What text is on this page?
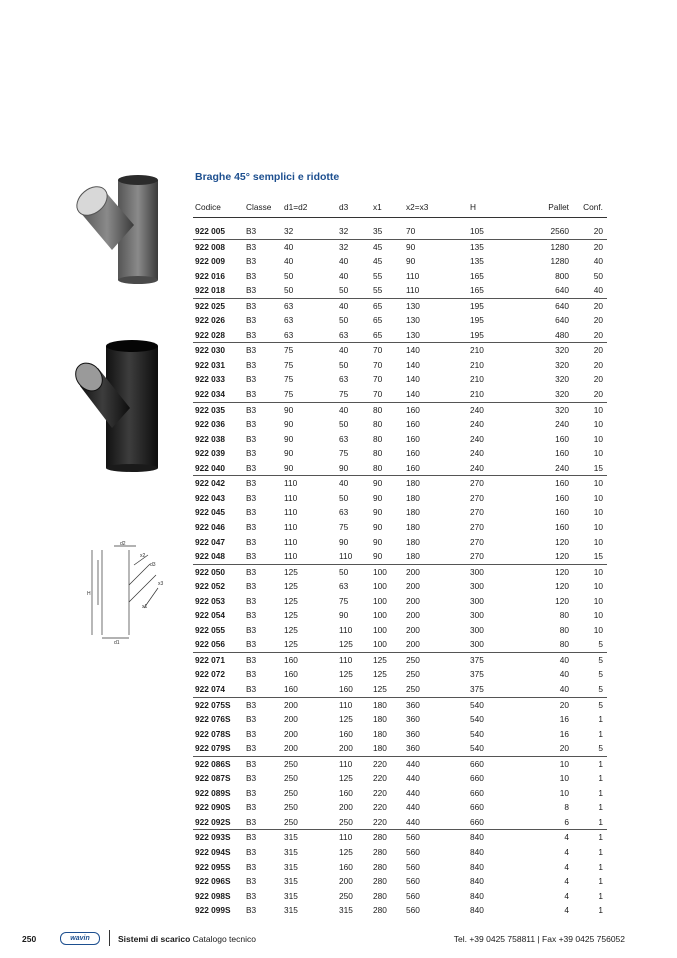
Braghe 45° semplici e ridotte
d2
x2
d3
x3
x1
d1
H
Codice	Classe	d1=d2	d3	x1	x2=x3	H	Pallet	Conf.

922 005	B3	32	32	35	70	105	2560	20
922 008	B3	40	32	45	90	135	1280	20
922 009	B3	40	40	45	90	135	1280	40
922 016	B3	50	40	55	110	165	800	50
922 018	B3	50	50	55	110	165	640	40
922 025	B3	63	40	65	130	195	640	20
922 026	B3	63	50	65	130	195	640	20
922 028	B3	63	63	65	130	195	480	20
922 030	B3	75	40	70	140	210	320	20
922 031	B3	75	50	70	140	210	320	20
922 033	B3	75	63	70	140	210	320	20
922 034	B3	75	75	70	140	210	320	20
922 035	B3	90	40	80	160	240	320	10
922 036	B3	90	50	80	160	240	240	10
922 038	B3	90	63	80	160	240	160	10
922 039	B3	90	75	80	160	240	160	10
922 040	B3	90	90	80	160	240	240	15
922 042	B3	110	40	90	180	270	160	10
922 043	B3	110	50	90	180	270	160	10
922 045	B3	110	63	90	180	270	160	10
922 046	B3	110	75	90	180	270	160	10
922 047	B3	110	90	90	180	270	120	10
922 048	B3	110	110	90	180	270	120	15
922 050	B3	125	50	100	200	300	120	10
922 052	B3	125	63	100	200	300	120	10
922 053	B3	125	75	100	200	300	120	10
922 054	B3	125	90	100	200	300	80	10
922 055	B3	125	110	100	200	300	80	10
922 056	B3	125	125	100	200	300	80	5
922 071	B3	160	110	125	250	375	40	5
922 072	B3	160	125	125	250	375	40	5
922 074	B3	160	160	125	250	375	40	5
922 075S	B3	200	110	180	360	540	20	5
922 076S	B3	200	125	180	360	540	16	1
922 078S	B3	200	160	180	360	540	16	1
922 079S	B3	200	200	180	360	540	20	5
922 086S	B3	250	110	220	440	660	10	1
922 087S	B3	250	125	220	440	660	10	1
922 089S	B3	250	160	220	440	660	10	1
922 090S	B3	250	200	220	440	660	8	1
922 092S	B3	250	250	220	440	660	6	1
922 093S	B3	315	110	280	560	840	4	1
922 094S	B3	315	125	280	560	840	4	1
922 095S	B3	315	160	280	560	840	4	1
922 096S	B3	315	200	280	560	840	4	1
922 098S	B3	315	250	280	560	840	4	1
922 099S	B3	315	315	280	560	840	4	1
250	wavin	Sistemi di scarico Catalogo tecnico	Tel. +39 0425 758811 | Fax +39 0425 756052
